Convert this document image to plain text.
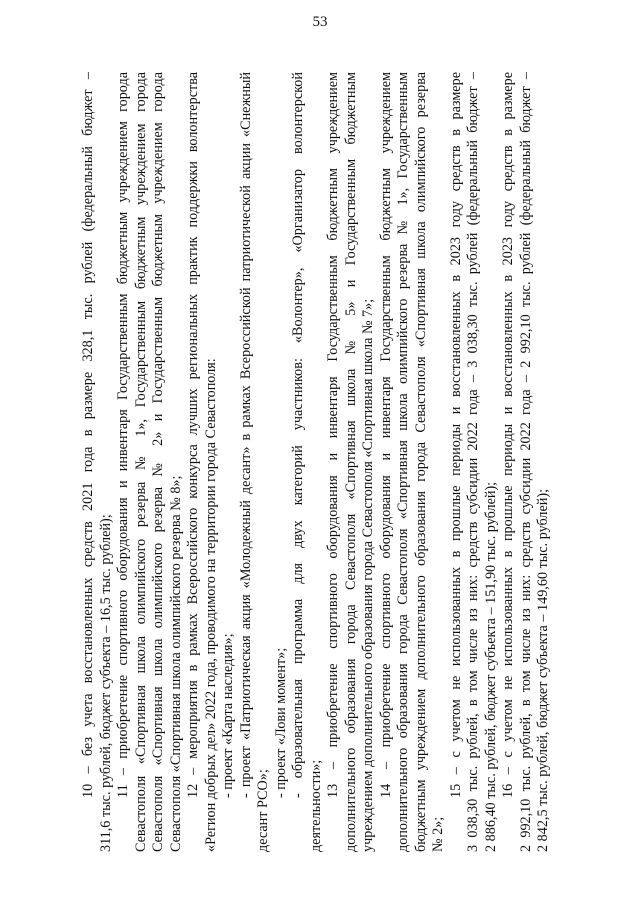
53
10 – без учета восстановленных средств 2021 года в размере 328,1 тыс. рублей (федеральный бюджет – 311,6 тыс. рублей, бюджет субъекта – 16,5 тыс. рублей); 11 – приобретение спортивного оборудования и инвентаря Государственным бюджетным учреждением города Севастополя «Спортивная школа олимпийского резерва № 1», Государственным бюджетным учреждением города Севастополя «Спортивная школа олимпийского резерва № 2» и Государственным бюджетным учреждением города Севастополя «Спортивная школа олимпийского резерва № 8»; 12 – мероприятия в рамках Всероссийского конкурса лучших региональных практик поддержки волонтерства «Регион добрых дел» 2022 года, проводимого на территории города Севастополя: - проект «Карта наследия»; - проект «Патриотическая акция «Молодежный десант» в рамках Всероссийской патриотической акции «Снежный
десант РСО»;
- проект «Лови момент»; - образовательная программа для двух категорий участников: «Волонтер», «Организатор волонтерской
деятельности»;
13 – приобретение спортивного оборудования и инвентаря Государственным бюджетным учреждением дополнительного образования города Севастополя «Спортивная школа № 5» и Государственным бюджетным учреждением дополнительного образования города Севастополя «Спортивная школа № 7»; 14 – приобретение спортивного оборудования и инвентаря Государственным бюджетным учреждением дополнительного образования города Севастополя «Спортивная школа олимпийского резерва № 1», Государственным бюджетным учреждением дополнительного образования города Севастополя «Спортивная школа олимпийского резерва № 2»;
15 – с учетом не использованных в прошлые периоды и восстановленных в 2023 году средств в размере 3 038,30 тыс. рублей, в том числе из них: средств субсидии 2022 года – 3 038,30 тыс. рублей (федеральный бюджет – 2 886,40 тыс. рублей, бюджет субъекта – 151,90 тыс. рублей); 16 – с учетом не использованных в прошлые периоды и восстановленных в 2023 году средств в размере 2 992,10 тыс. рублей, в том числе из них: средств субсидии 2022 года – 2 992,10 тыс. рублей (федеральный бюджет – 2 842,5 тыс. рублей, бюджет субъекта – 149,60 тыс. рублей);
